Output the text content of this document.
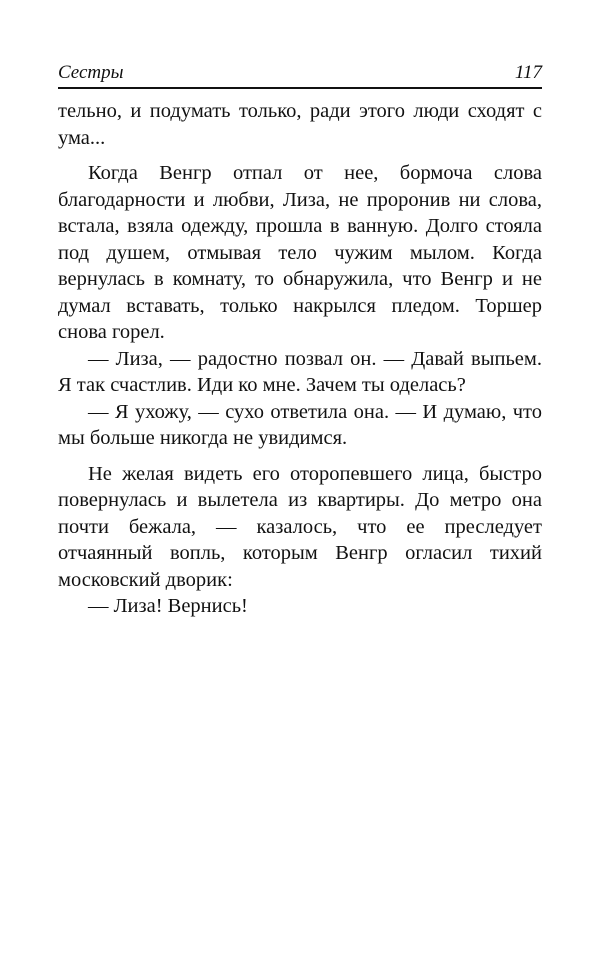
Сестры	117

тельно, и подумать только, ради этого люди сходят с ума...

Когда Венгр отпал от нее, бормоча слова благодарности и любви, Лиза, не проронив ни слова, встала, взяла одежду, прошла в ванную. Долго стояла под душем, отмывая тело чужим мылом. Когда вернулась в комнату, то обнаружила, что Венгр и не думал вставать, только накрылся пледом. Торшер снова горел.

— Лиза, — радостно позвал он. — Давай выпьем. Я так счастлив. Иди ко мне. Зачем ты оделась?

— Я ухожу, — сухо ответила она. — И думаю, что мы больше никогда не увидимся.

Не желая видеть его оторопевшего лица, быстро повернулась и вылетела из квартиры. До метро она почти бежала, — казалось, что ее преследует отчаянный вопль, которым Венгр огласил тихий московский дворик:

— Лиза! Вернись!
